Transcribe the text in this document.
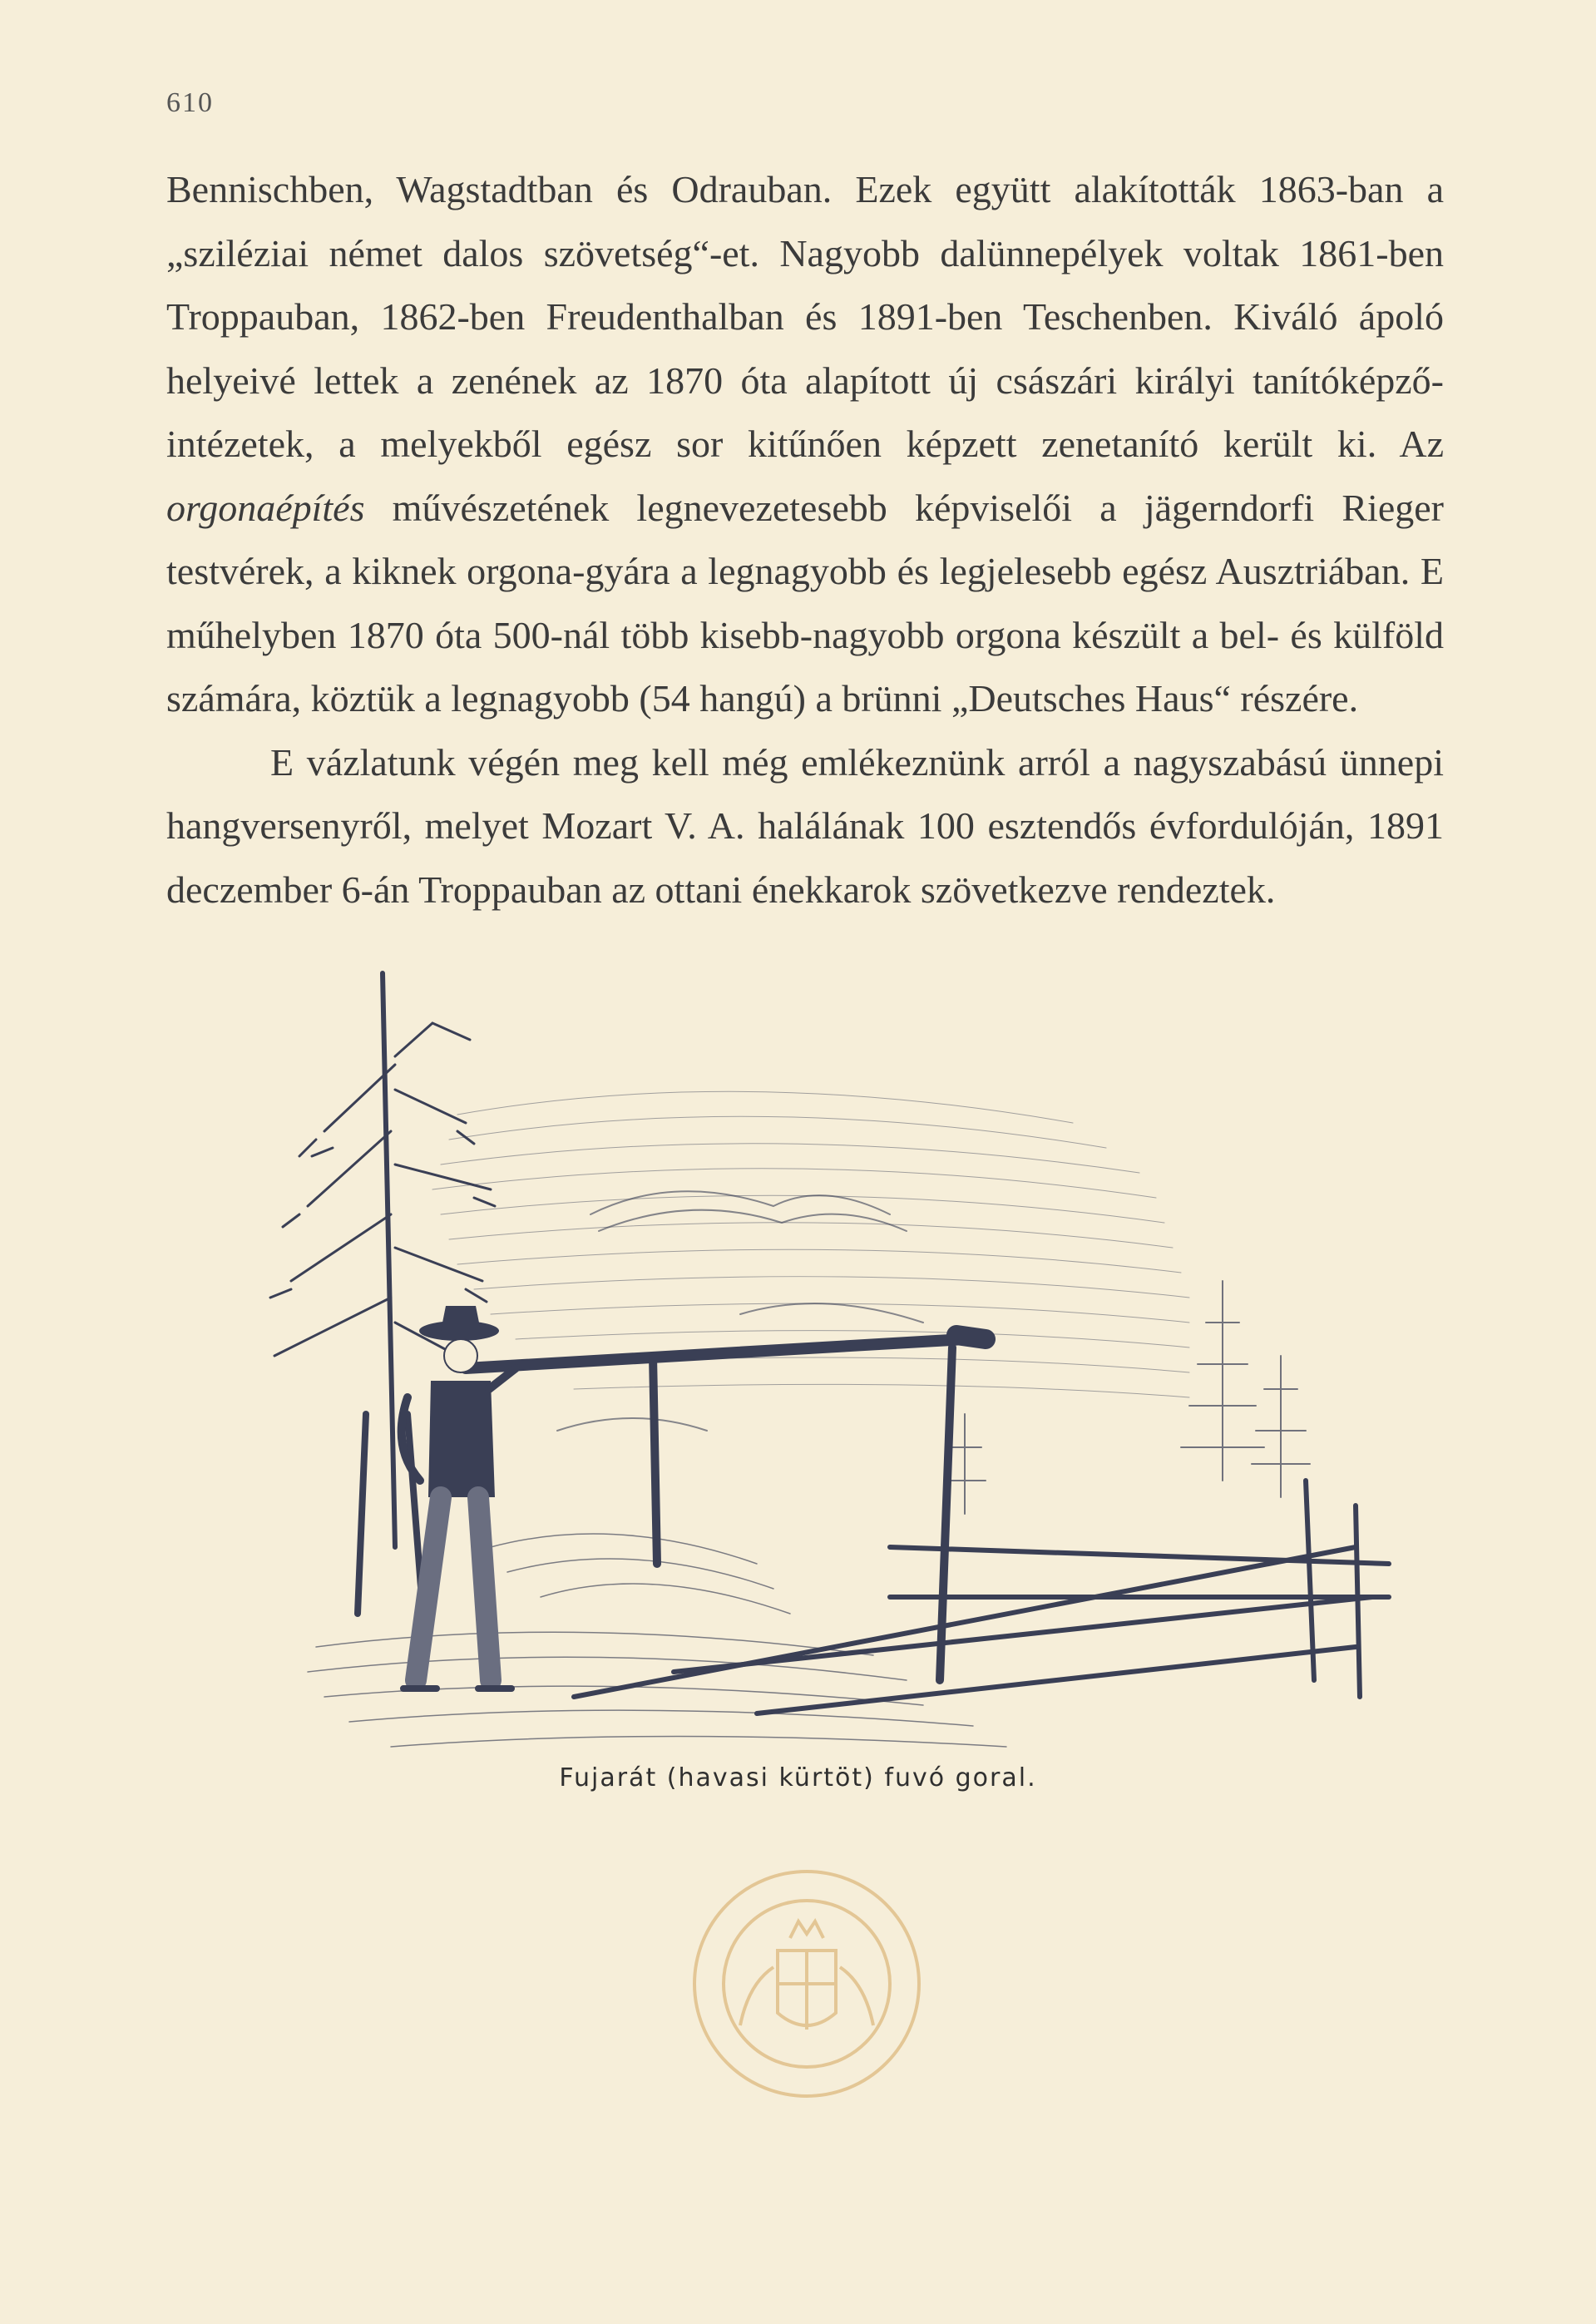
610

Bennischben, Wagstadtban és Odrauban. Ezek együtt alakították 1863-ban a „sziléziai német dalos szövetség“-et. Nagyobb dalünnepélyek voltak 1861-ben Troppauban, 1862-ben Freudenthalban és 1891-ben Teschenben. Kiváló ápoló helyeivé lettek a zenének az 1870 óta alapított új császári királyi tanítóképző-intézetek, a melyekből egész sor kitűnően képzett zenetanító került ki. Az orgonaépítés művészetének legnevezetesebb képviselői a jägerndorfi Rieger testvérek, a kiknek orgona-gyára a legnagyobb és legjelesebb egész Ausztriában. E műhelyben 1870 óta 500-nál több kisebb-nagyobb orgona készült a bel- és külföld számára, köztük a legnagyobb (54 hangú) a brünni „Deutsches Haus“ részére.

E vázlatunk végén meg kell még emlékeznünk arról a nagyszabású ünnepi hangversenyről, melyet Mozart V. A. halálának 100 esztendős évfordulóján, 1891 deczember 6-án Troppauban az ottani énekkarok szövetkezve rendeztek.

Fujarát (havasi kürtöt) fuvó goral.
